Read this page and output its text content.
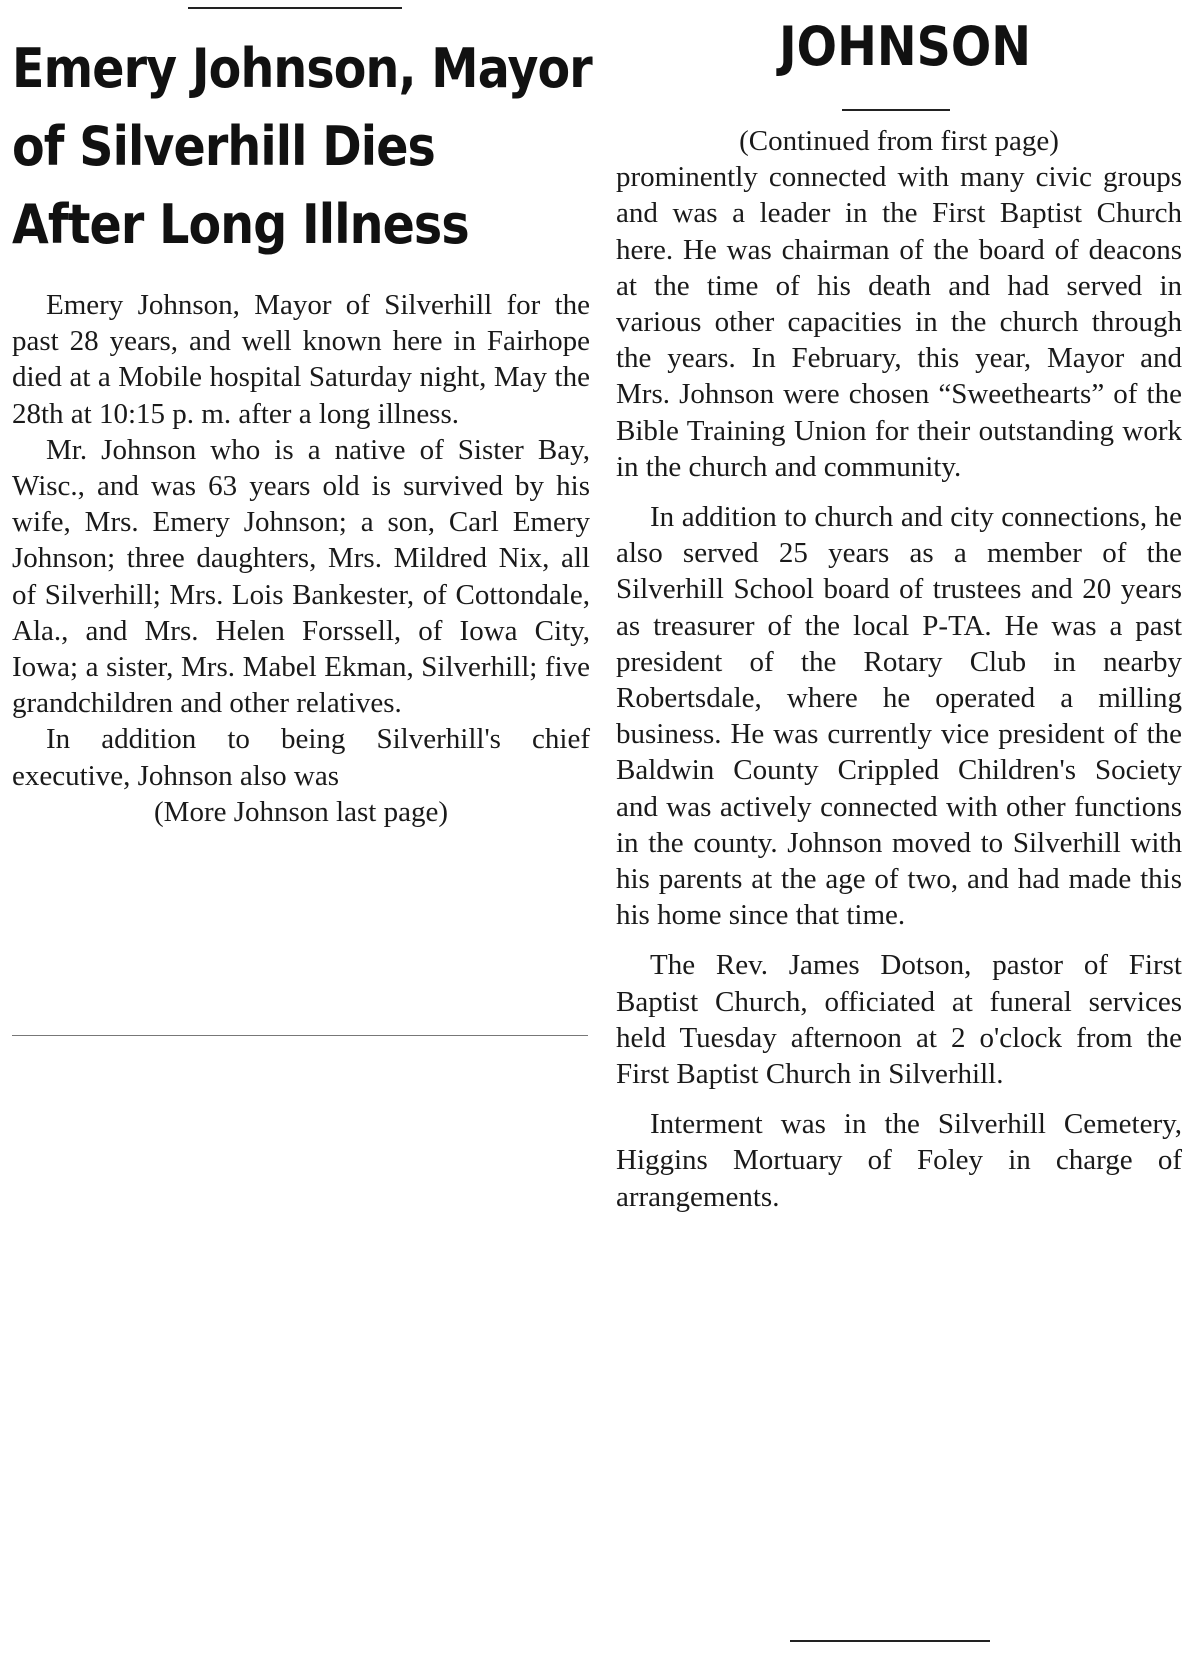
Emery Johnson, Mayor
of Silverhill Dies
After Long Illness

Emery Johnson, Mayor of Silverhill for the past 28 years, and well known here in Fairhope died at a Mobile hospital Saturday night, May the 28th at 10:15 p. m. after a long illness.

Mr. Johnson who is a native of Sister Bay, Wisc., and was 63 years old is survived by his wife, Mrs. Emery Johnson; a son, Carl Emery Johnson; three daughters, Mrs. Mildred Nix, all of Silverhill; Mrs. Lois Bankester, of Cottondale, Ala., and Mrs. Helen Forssell, of Iowa City, Iowa; a sister, Mrs. Mabel Ekman, Silverhill; five grandchildren and other relatives.

In addition to being Silverhill's chief executive, Johnson also was

(More Johnson last page)

JOHNSON

(Continued from first page)

prominently connected with many civic groups and was a leader in the First Baptist Church here. He was chairman of the board of deacons at the time of his death and had served in various other capacities in the church through the years. In February, this year, Mayor and Mrs. Johnson were chosen “Sweethearts” of the Bible Training Union for their outstanding work in the church and community.

In addition to church and city connections, he also served 25 years as a member of the Silverhill School board of trustees and 20 years as treasurer of the local P-TA. He was a past president of the Rotary Club in nearby Robertsdale, where he operated a milling business. He was currently vice president of the Baldwin County Crippled Children's Society and was actively connected with other functions in the county. Johnson moved to Silverhill with his parents at the age of two, and had made this his home since that time.

The Rev. James Dotson, pastor of First Baptist Church, officiated at funeral services held Tuesday afternoon at 2 o'clock from the First Baptist Church in Silverhill.

Interment was in the Silverhill Cemetery, Higgins Mortuary of Foley in charge of arrangements.
